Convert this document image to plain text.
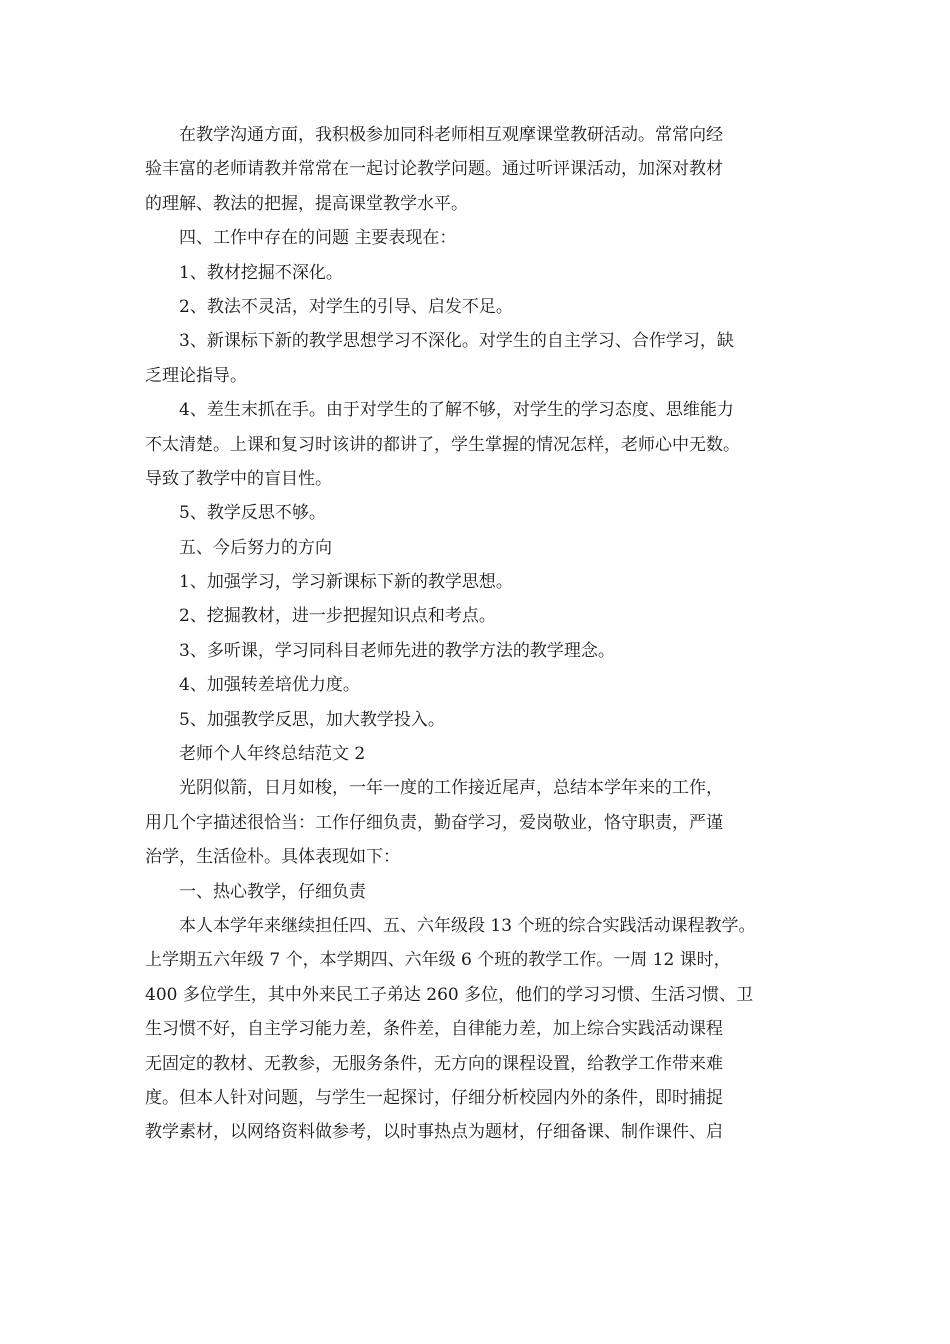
在教学沟通方面，我积极参加同科老师相互观摩课堂教研活动。常常向经
验丰富的老师请教并常常在一起讨论教学问题。通过听评课活动，加深对教材
的理解、教法的把握，提高课堂教学水平。
四、工作中存在的问题 主要表现在：
1、教材挖掘不深化。
2、教法不灵活，对学生的引导、启发不足。
3、新课标下新的教学思想学习不深化。对学生的自主学习、合作学习，缺
乏理论指导。
4、差生末抓在手。由于对学生的了解不够，对学生的学习态度、思维能力
不太清楚。上课和复习时该讲的都讲了，学生掌握的情况怎样，老师心中无数。
导致了教学中的盲目性。
5、教学反思不够。
五、今后努力的方向
1、加强学习，学习新课标下新的教学思想。
2、挖掘教材，进一步把握知识点和考点。
3、多听课，学习同科目老师先进的教学方法的教学理念。
4、加强转差培优力度。
5、加强教学反思，加大教学投入。
老师个人年终总结范文 2
光阴似箭，日月如梭，一年一度的工作接近尾声，总结本学年来的工作，
用几个字描述很恰当：工作仔细负责，勤奋学习，爱岗敬业，恪守职责，严谨
治学，生活俭朴。具体表现如下：
一、热心教学，仔细负责
本人本学年来继续担任四、五、六年级段 13 个班的综合实践活动课程教学。
上学期五六年级 7 个，本学期四、六年级 6 个班的教学工作。一周 12 课时，
400 多位学生，其中外来民工子弟达 260 多位，他们的学习习惯、生活习惯、卫
生习惯不好，自主学习能力差，条件差，自律能力差，加上综合实践活动课程
无固定的教材、无教参，无服务条件，无方向的课程设置，给教学工作带来难
度。但本人针对问题，与学生一起探讨，仔细分析校园内外的条件，即时捕捉
教学素材，以网络资料做参考，以时事热点为题材，仔细备课、制作课件、启
